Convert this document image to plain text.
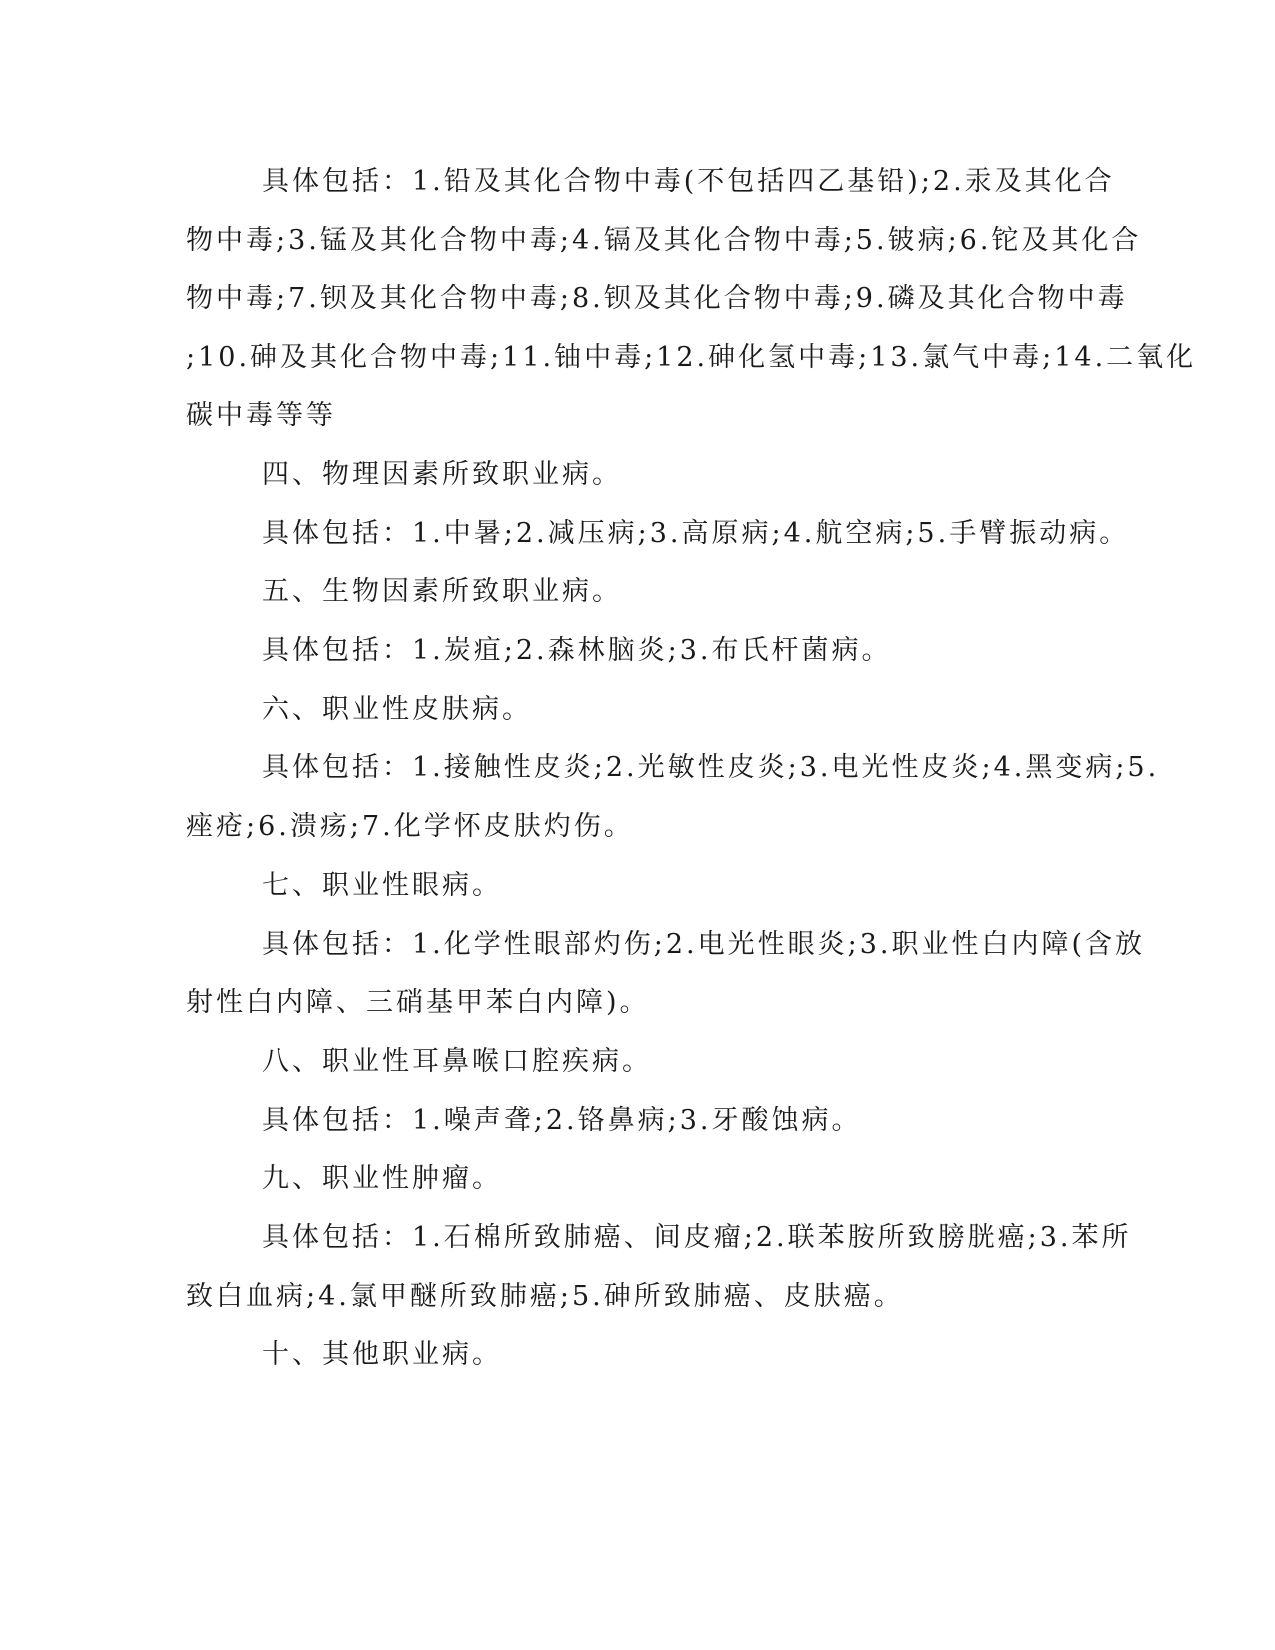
具体包括：1.铅及其化合物中毒(不包括四乙基铅);2.汞及其化合

物中毒;3.锰及其化合物中毒;4.镉及其化合物中毒;5.铍病;6.铊及其化合

物中毒;7.钡及其化合物中毒;8.钡及其化合物中毒;9.磷及其化合物中毒

;10.砷及其化合物中毒;11.铀中毒;12.砷化氢中毒;13.氯气中毒;14.二氧化

碳中毒等等

四、物理因素所致职业病。

具体包括：1.中暑;2.减压病;3.高原病;4.航空病;5.手臂振动病。

五、生物因素所致职业病。

具体包括：1.炭疽;2.森林脑炎;3.布氏杆菌病。

六、职业性皮肤病。

具体包括：1.接触性皮炎;2.光敏性皮炎;3.电光性皮炎;4.黑变病;5.

痤疮;6.溃疡;7.化学怀皮肤灼伤。

七、职业性眼病。

具体包括：1.化学性眼部灼伤;2.电光性眼炎;3.职业性白内障(含放

射性白内障、三硝基甲苯白内障)。

八、职业性耳鼻喉口腔疾病。

具体包括：1.噪声聋;2.铬鼻病;3.牙酸蚀病。

九、职业性肿瘤。

具体包括：1.石棉所致肺癌、间皮瘤;2.联苯胺所致膀胱癌;3.苯所

致白血病;4.氯甲醚所致肺癌;5.砷所致肺癌、皮肤癌。

十、其他职业病。
